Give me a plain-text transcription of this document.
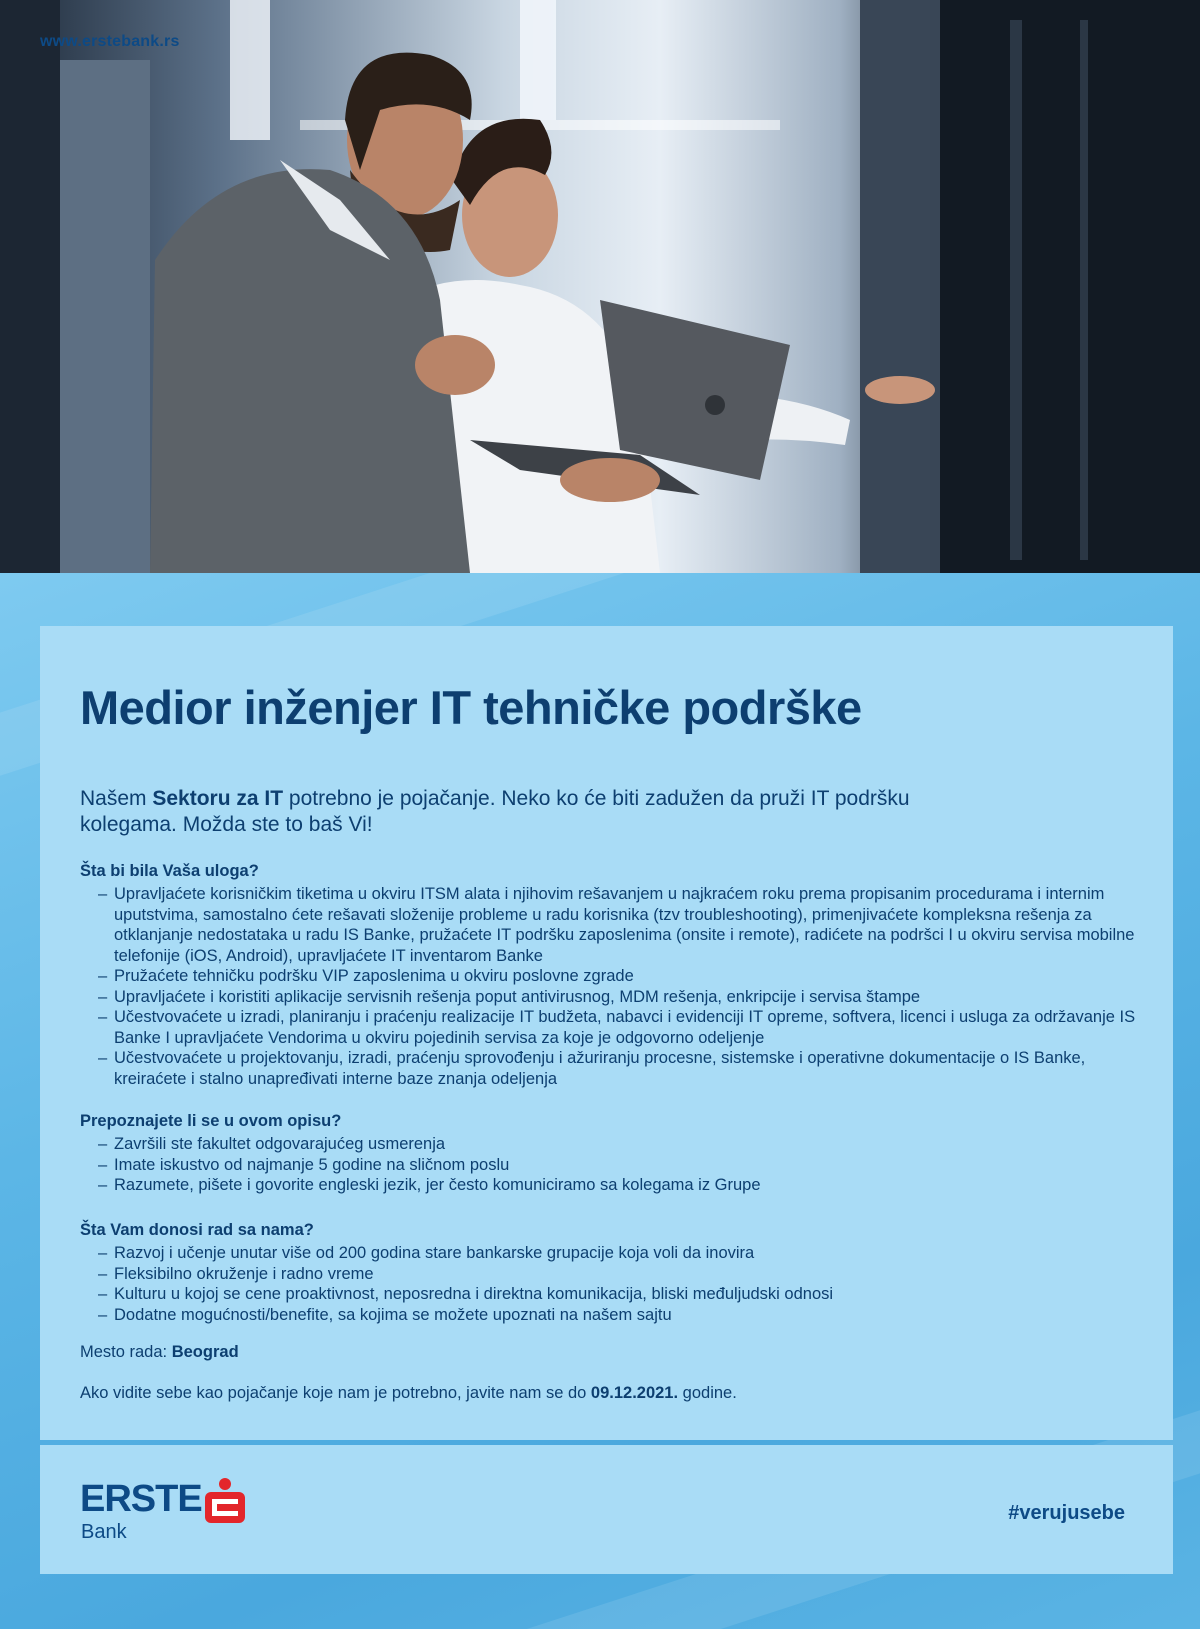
www.erstebank.rs
Medior inženjer IT tehničke podrške

Našem Sektoru za IT potrebno je pojačanje. Neko ko će biti zadužen da pruži IT podršku kolegama. Možda ste to baš Vi!

Šta bi bila Vaša uloga?
– Upravljaćete korisničkim tiketima u okviru ITSM alata i njihovim rešavanjem u najkraćem roku prema propisanim procedurama i internim uputstvima, samostalno ćete rešavati složenije probleme u radu korisnika (tzv troubleshooting), primenjivaćete kompleksna rešenja za otklanjanje nedostataka u radu IS Banke, pružaćete IT podršku zaposlenima (onsite i remote), radićete na podršci I u okviru servisa mobilne telefonije (iOS, Android), upravljaćete IT inventarom Banke
– Pružaćete tehničku podršku VIP zaposlenima u okviru poslovne zgrade
– Upravljaćete i koristiti aplikacije servisnih rešenja poput antivirusnog, MDM rešenja, enkripcije i servisa štampe
– Učestvovaćete u izradi, planiranju i praćenju realizacije IT budžeta, nabavci i evidenciji IT opreme, softvera, licenci i usluga za održavanje IS Banke I upravljaćete Vendorima u okviru pojedinih servisa za koje je odgovorno odeljenje
– Učestvovaćete u projektovanju, izradi, praćenju sprovođenju i ažuriranju procesne, sistemske i operativne dokumentacije o IS Banke, kreiraćete i stalno unapređivati interne baze znanja odeljenja
Prepoznajete li se u ovom opisu?
– Završili ste fakultet odgovarajućeg usmerenja
– Imate iskustvo od najmanje 5 godine na sličnom poslu
– Razumete, pišete i govorite engleski jezik, jer često komuniciramo sa kolegama iz Grupe
Šta Vam donosi rad sa nama?
– Razvoj i učenje unutar više od 200 godina stare bankarske grupacije koja voli da inovira
– Fleksibilno okruženje i radno vreme
– Kulturu u kojoj se cene proaktivnost, neposredna i direktna komunikacija, bliski međuljudski odnosi
– Dodatne mogućnosti/benefite, sa kojima se možete upoznati na našem sajtu

Mesto rada: Beograd

Ako vidite sebe kao pojačanje koje nam je potrebno, javite nam se do 09.12.2021. godine.

ERSTE
Bank
#verujusebe
